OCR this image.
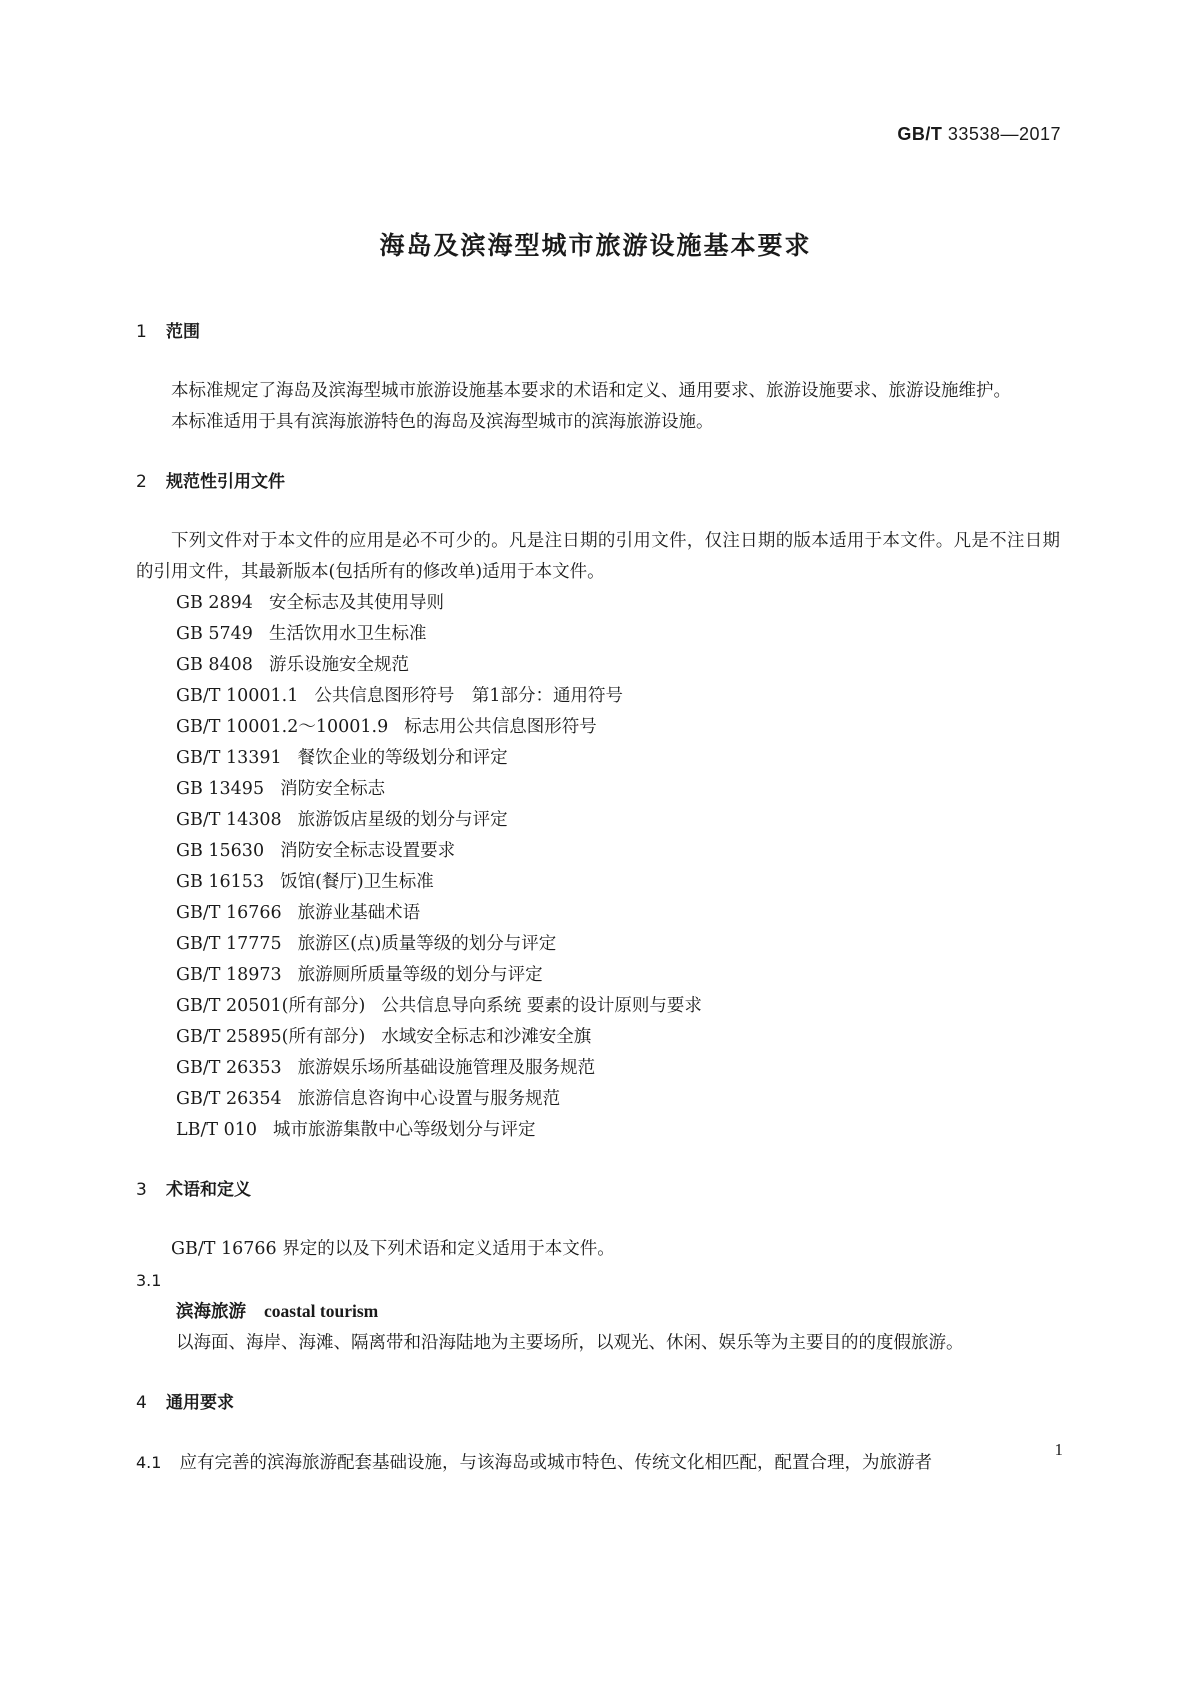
GB/T 33538—2017
海岛及滨海型城市旅游设施基本要求
1 范围

本标准规定了海岛及滨海型城市旅游设施基本要求的术语和定义、通用要求、旅游设施要求、旅游设施维护。

本标准适用于具有滨海旅游特色的海岛及滨海型城市的滨海旅游设施。

2 规范性引用文件

下列文件对于本文件的应用是必不可少的。凡是注日期的引用文件，仅注日期的版本适用于本文件。凡是不注日期的引用文件，其最新版本(包括所有的修改单)适用于本文件。

GB 2894 安全标志及其使用导则
GB 5749 生活饮用水卫生标准
GB 8408 游乐设施安全规范
GB/T 10001.1 公共信息图形符号　第1部分：通用符号
GB/T 10001.2～10001.9 标志用公共信息图形符号
GB/T 13391 餐饮企业的等级划分和评定
GB 13495 消防安全标志
GB/T 14308 旅游饭店星级的划分与评定
GB 15630 消防安全标志设置要求
GB 16153 饭馆(餐厅)卫生标准
GB/T 16766 旅游业基础术语
GB/T 17775 旅游区(点)质量等级的划分与评定
GB/T 18973 旅游厕所质量等级的划分与评定
GB/T 20501(所有部分) 公共信息导向系统 要素的设计原则与要求
GB/T 25895(所有部分) 水域安全标志和沙滩安全旗
GB/T 26353 旅游娱乐场所基础设施管理及服务规范
GB/T 26354 旅游信息咨询中心设置与服务规范
LB/T 010 城市旅游集散中心等级划分与评定
3 术语和定义

GB/T 16766 界定的以及下列术语和定义适用于本文件。

3.1

滨海旅游 coastal tourism

以海面、海岸、海滩、隔离带和沿海陆地为主要场所，以观光、休闲、娱乐等为主要目的的度假旅游。

4 通用要求

4.1 应有完善的滨海旅游配套基础设施，与该海岛或城市特色、传统文化相匹配，配置合理，为旅游者

1
